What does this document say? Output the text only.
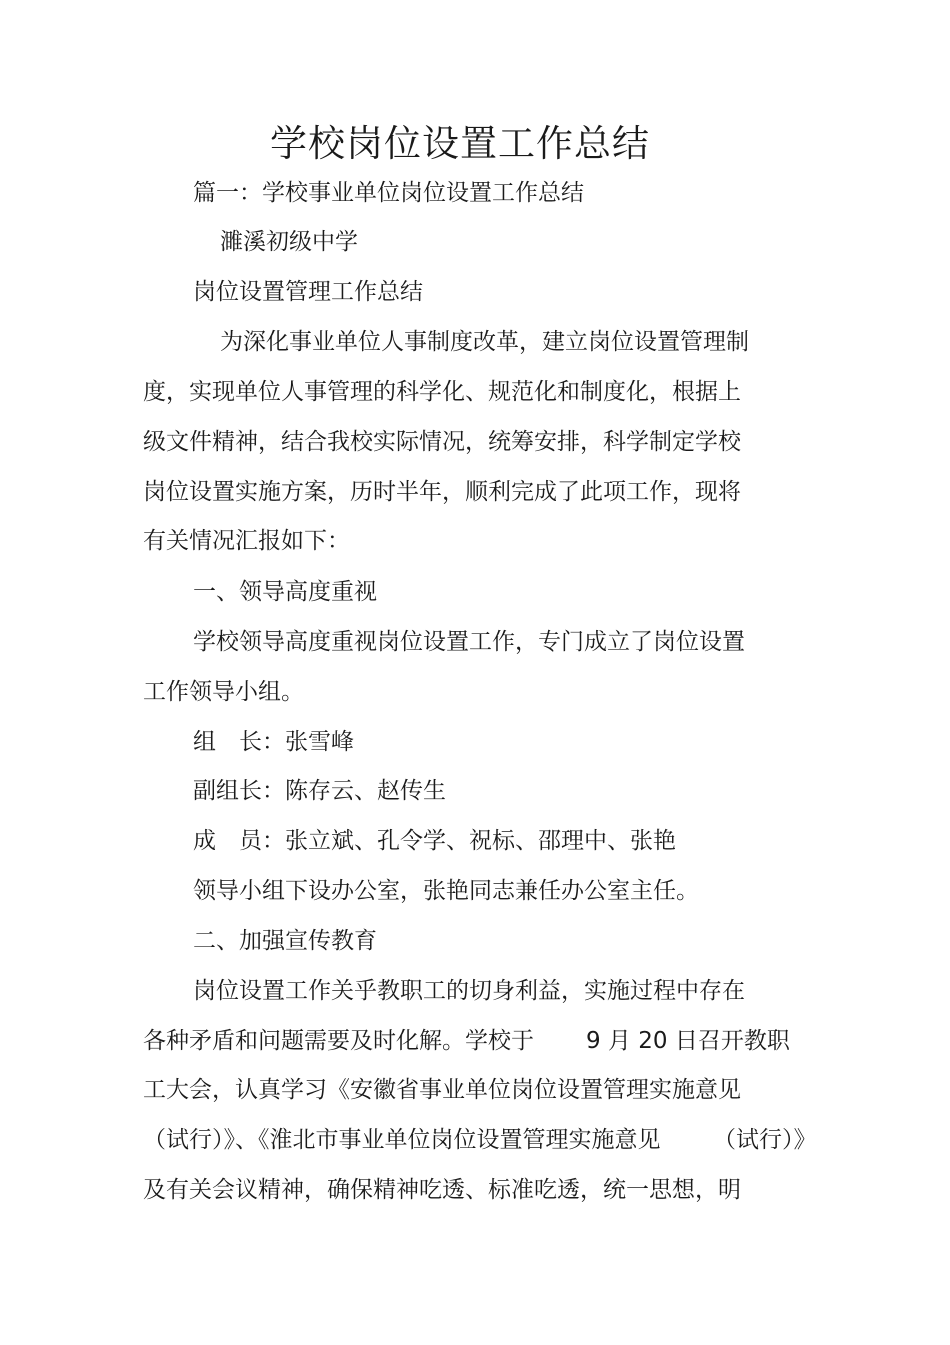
学校岗位设置工作总结

篇一：学校事业单位岗位设置工作总结

濉溪初级中学

岗位设置管理工作总结

为深化事业单位人事制度改革，建立岗位设置管理制

度，实现单位人事管理的科学化、规范化和制度化，根据上

级文件精神，结合我校实际情况，统筹安排，科学制定学校

岗位设置实施方案，历时半年，顺利完成了此项工作，现将

有关情况汇报如下：

一、领导高度重视

学校领导高度重视岗位设置工作，专门成立了岗位设置

工作领导小组。

组　长：张雪峰

副组长：陈存云、赵传生

成　员：张立斌、孔令学、祝标、邵理中、张艳

领导小组下设办公室，张艳同志兼任办公室主任。

二、加强宣传教育

岗位设置工作关乎教职工的切身利益，实施过程中存在

各种矛盾和问题需要及时化解。学校于 9 月 20 日召开教职

工大会，认真学习《安徽省事业单位岗位设置管理实施意见

（试行）》、《淮北市事业单位岗位设置管理实施意见 （试行）》

及有关会议精神，确保精神吃透、标准吃透，统一思想，明
